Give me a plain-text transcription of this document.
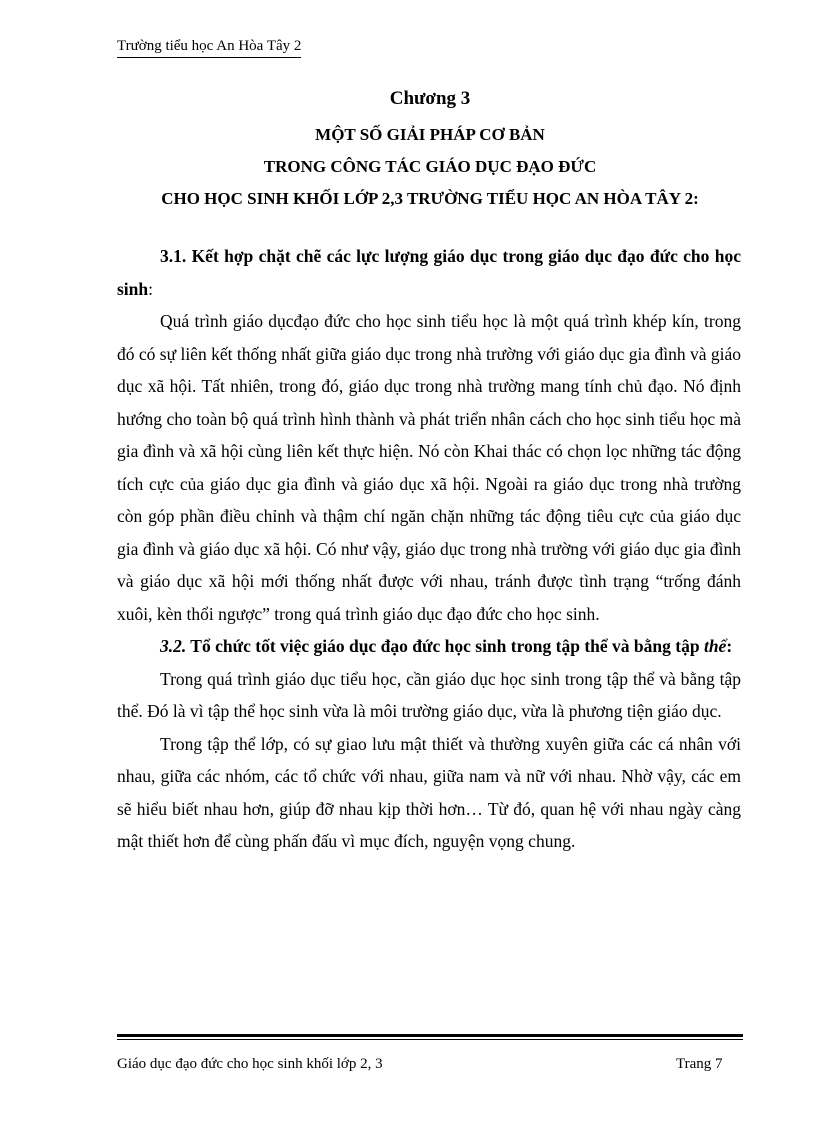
Trường tiểu học An Hòa Tây 2
Chương 3
MỘT SỐ GIẢI PHÁP CƠ BẢN
TRONG CÔNG TÁC GIÁO DỤC ĐẠO ĐỨC
CHO HỌC SINH KHỐI LỚP 2,3 TRƯỜNG TIỂU HỌC AN HÒA TÂY 2:

3.1. Kết hợp chặt chẽ các lực lượng giáo dục trong giáo dục đạo đức cho học sinh:

Quá trình giáo dụcđạo đức cho học sinh tiểu học là một quá trình khép kín, trong đó có sự liên kết thống nhất giữa giáo dục trong nhà trường với giáo dục gia đình và giáo dục xã hội. Tất nhiên, trong đó, giáo dục trong nhà trường mang tính chủ đạo. Nó định hướng cho toàn bộ quá trình hình thành và phát triển nhân cách cho học sinh tiểu học mà gia đình và xã hội cùng liên kết thực hiện. Nó còn Khai thác có chọn lọc những tác động tích cực của giáo dục gia đình và giáo dục xã hội. Ngoài ra giáo dục trong nhà trường còn góp phần điều chỉnh và thậm chí ngăn chặn những tác động tiêu cực của giáo dục gia đình và giáo dục xã hội. Có như vậy, giáo dục trong nhà trường với giáo dục gia đình và giáo dục xã hội mới thống nhất được với nhau, tránh được tình trạng “trống đánh xuôi, kèn thổi ngược” trong quá trình giáo dục đạo đức cho học sinh.

3.2. Tổ chức tốt việc giáo dục đạo đức học sinh trong tập thể và bằng tập thể:

Trong quá trình giáo dục tiểu học, cần giáo dục học sinh trong tập thể và bằng tập thể. Đó là vì tập thể học sinh vừa là môi trường giáo dục, vừa là phương tiện giáo dục.

Trong tập thể lớp, có sự giao lưu mật thiết và thường xuyên giữa các cá nhân với nhau, giữa các nhóm, các tổ chức với nhau, giữa nam và nữ với nhau. Nhờ vậy, các em sẽ hiểu biết nhau hơn, giúp đỡ nhau kịp thời hơn… Từ đó, quan hệ với nhau ngày càng mật thiết hơn để cùng phấn đấu vì mục đích, nguyện vọng chung.

Giáo dục đạo đức cho học sinh khối lớp 2, 3	Trang 7
